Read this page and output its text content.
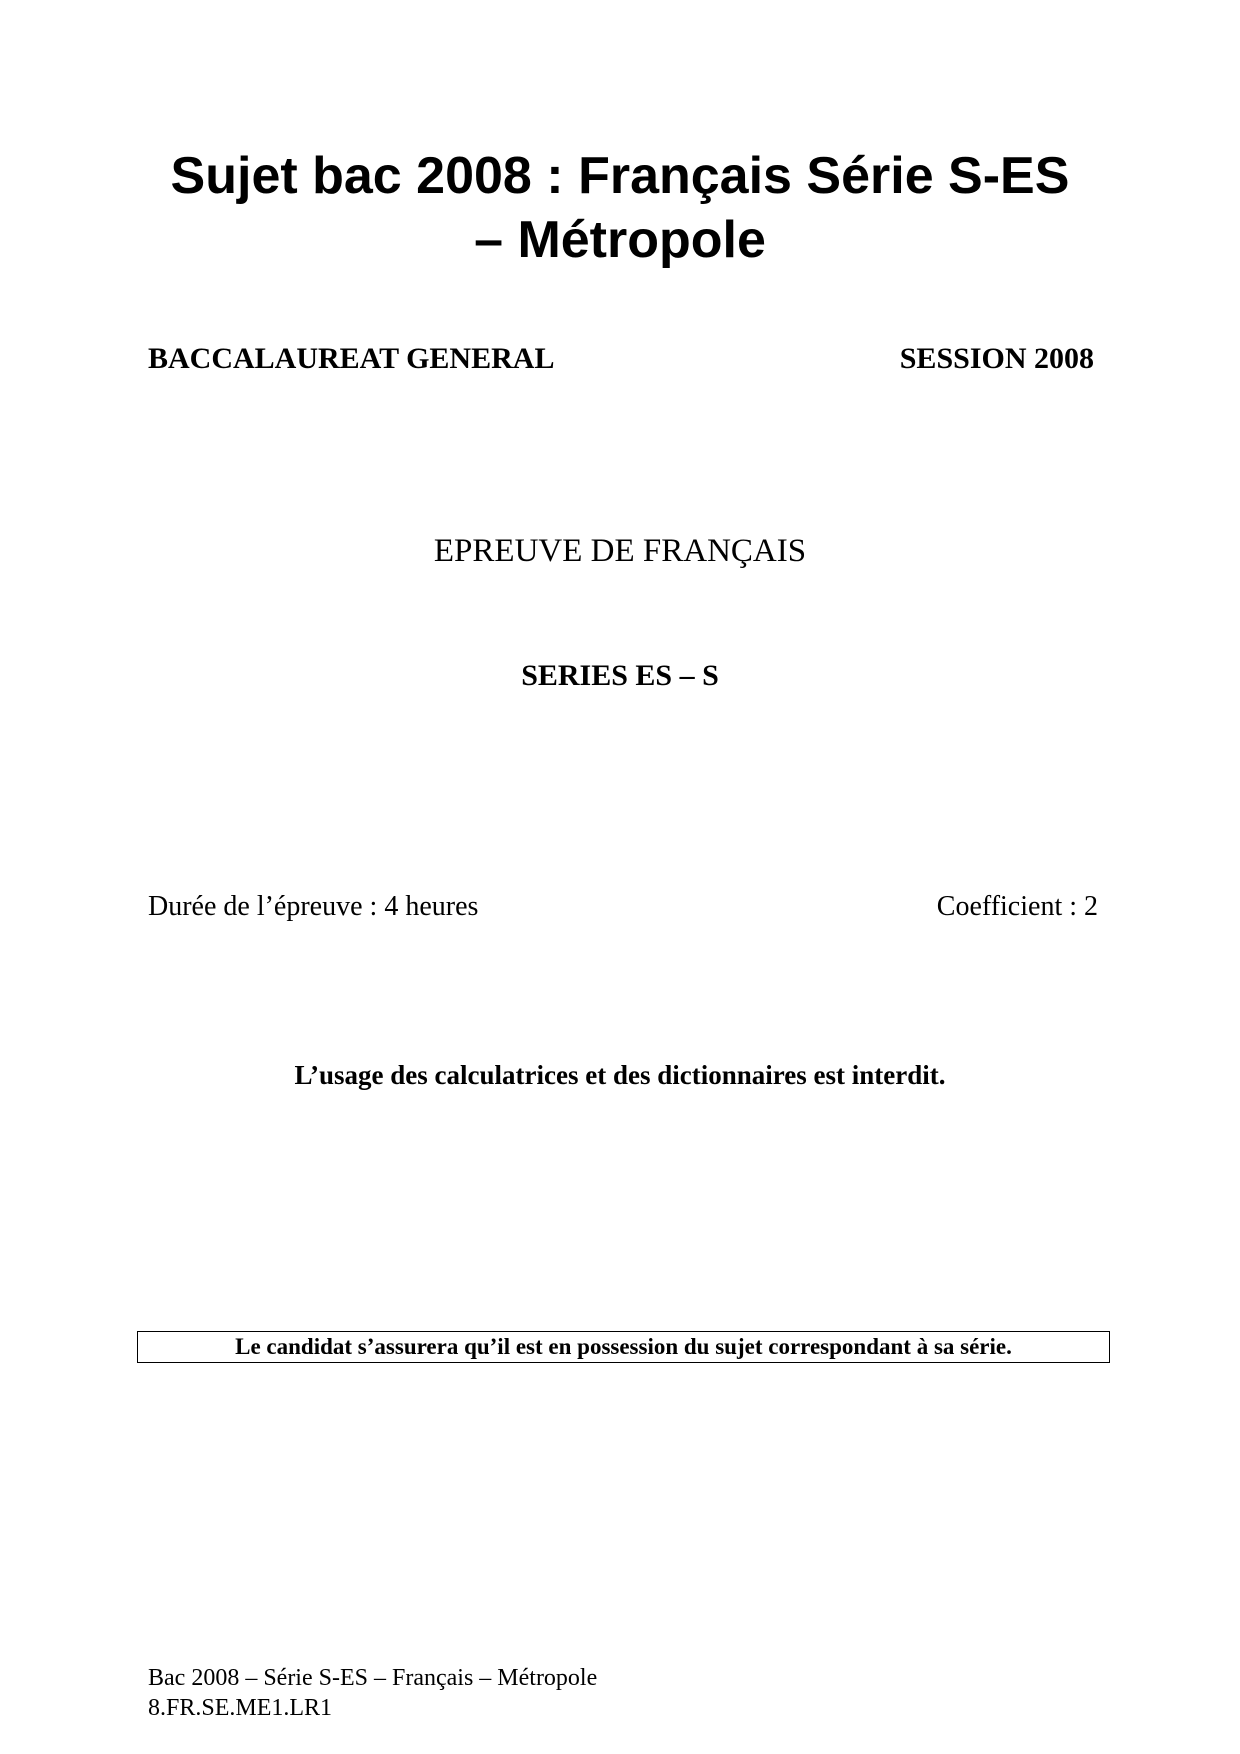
Sujet bac 2008 : Français Série S-ES
– Métropole
BACCALAUREAT GENERAL	SESSION 2008
EPREUVE DE FRANÇAIS
SERIES ES – S
Durée de l’épreuve : 4 heures	Coefficient : 2
L’usage des calculatrices et des dictionnaires est interdit.
Le candidat s’assurera qu’il est en possession du sujet correspondant à sa série.
Bac 2008 – Série S-ES – Français – Métropole
8.FR.SE.ME1.LR1
